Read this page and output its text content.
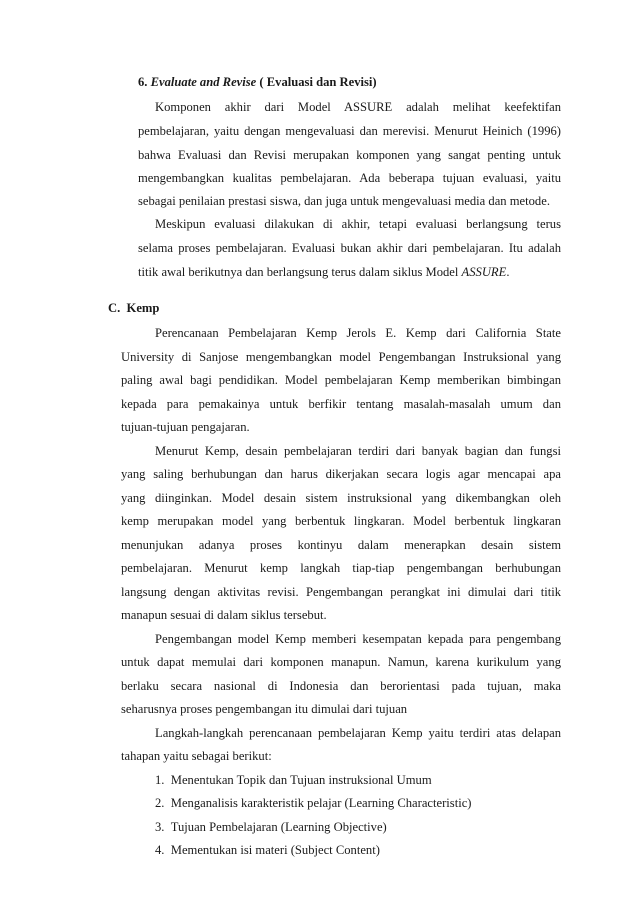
6. Evaluate and Revise ( Evaluasi dan Revisi)
Komponen akhir dari Model ASSURE adalah melihat keefektifan
pembelajaran, yaitu dengan mengevaluasi dan merevisi. Menurut Heinich (1996)
bahwa Evaluasi dan Revisi merupakan komponen yang sangat penting untuk
mengembangkan kualitas pembelajaran. Ada beberapa tujuan evaluasi, yaitu
sebagai penilaian prestasi siswa, dan juga untuk mengevaluasi media dan metode.
Meskipun evaluasi dilakukan di akhir, tetapi evaluasi berlangsung terus
selama proses pembelajaran. Evaluasi bukan akhir dari pembelajaran. Itu adalah
titik awal berikutnya dan berlangsung terus dalam siklus Model ASSURE.
C.  Kemp
Perencanaan Pembelajaran Kemp Jerols E. Kemp dari California State
University di Sanjose mengembangkan model Pengembangan Instruksional yang
paling awal bagi pendidikan. Model pembelajaran Kemp memberikan bimbingan
kepada para pemakainya untuk berfikir tentang masalah-masalah umum dan
tujuan-tujuan pengajaran.
Menurut Kemp, desain pembelajaran terdiri dari banyak bagian dan fungsi
yang saling berhubungan dan harus dikerjakan secara logis agar mencapai apa
yang diinginkan. Model desain sistem instruksional yang dikembangkan oleh
kemp merupakan model yang berbentuk lingkaran. Model berbentuk lingkaran
menunjukan adanya proses kontinyu dalam menerapkan desain sistem
pembelajaran. Menurut kemp langkah tiap-tiap pengembangan berhubungan
langsung dengan aktivitas revisi. Pengembangan perangkat ini dimulai dari titik
manapun sesuai di dalam siklus tersebut.
Pengembangan model Kemp memberi kesempatan kepada para pengembang
untuk dapat memulai dari komponen manapun. Namun, karena kurikulum yang
berlaku secara nasional di Indonesia dan berorientasi pada tujuan, maka
seharusnya proses pengembangan itu dimulai dari tujuan
Langkah-langkah perencanaan pembelajaran Kemp yaitu terdiri atas delapan
tahapan yaitu sebagai berikut:
1. Menentukan Topik dan Tujuan instruksional Umum
2. Menganalisis karakteristik pelajar (Learning Characteristic)
3. Tujuan Pembelajaran (Learning Objective)
4. Mementukan isi materi (Subject Content)
